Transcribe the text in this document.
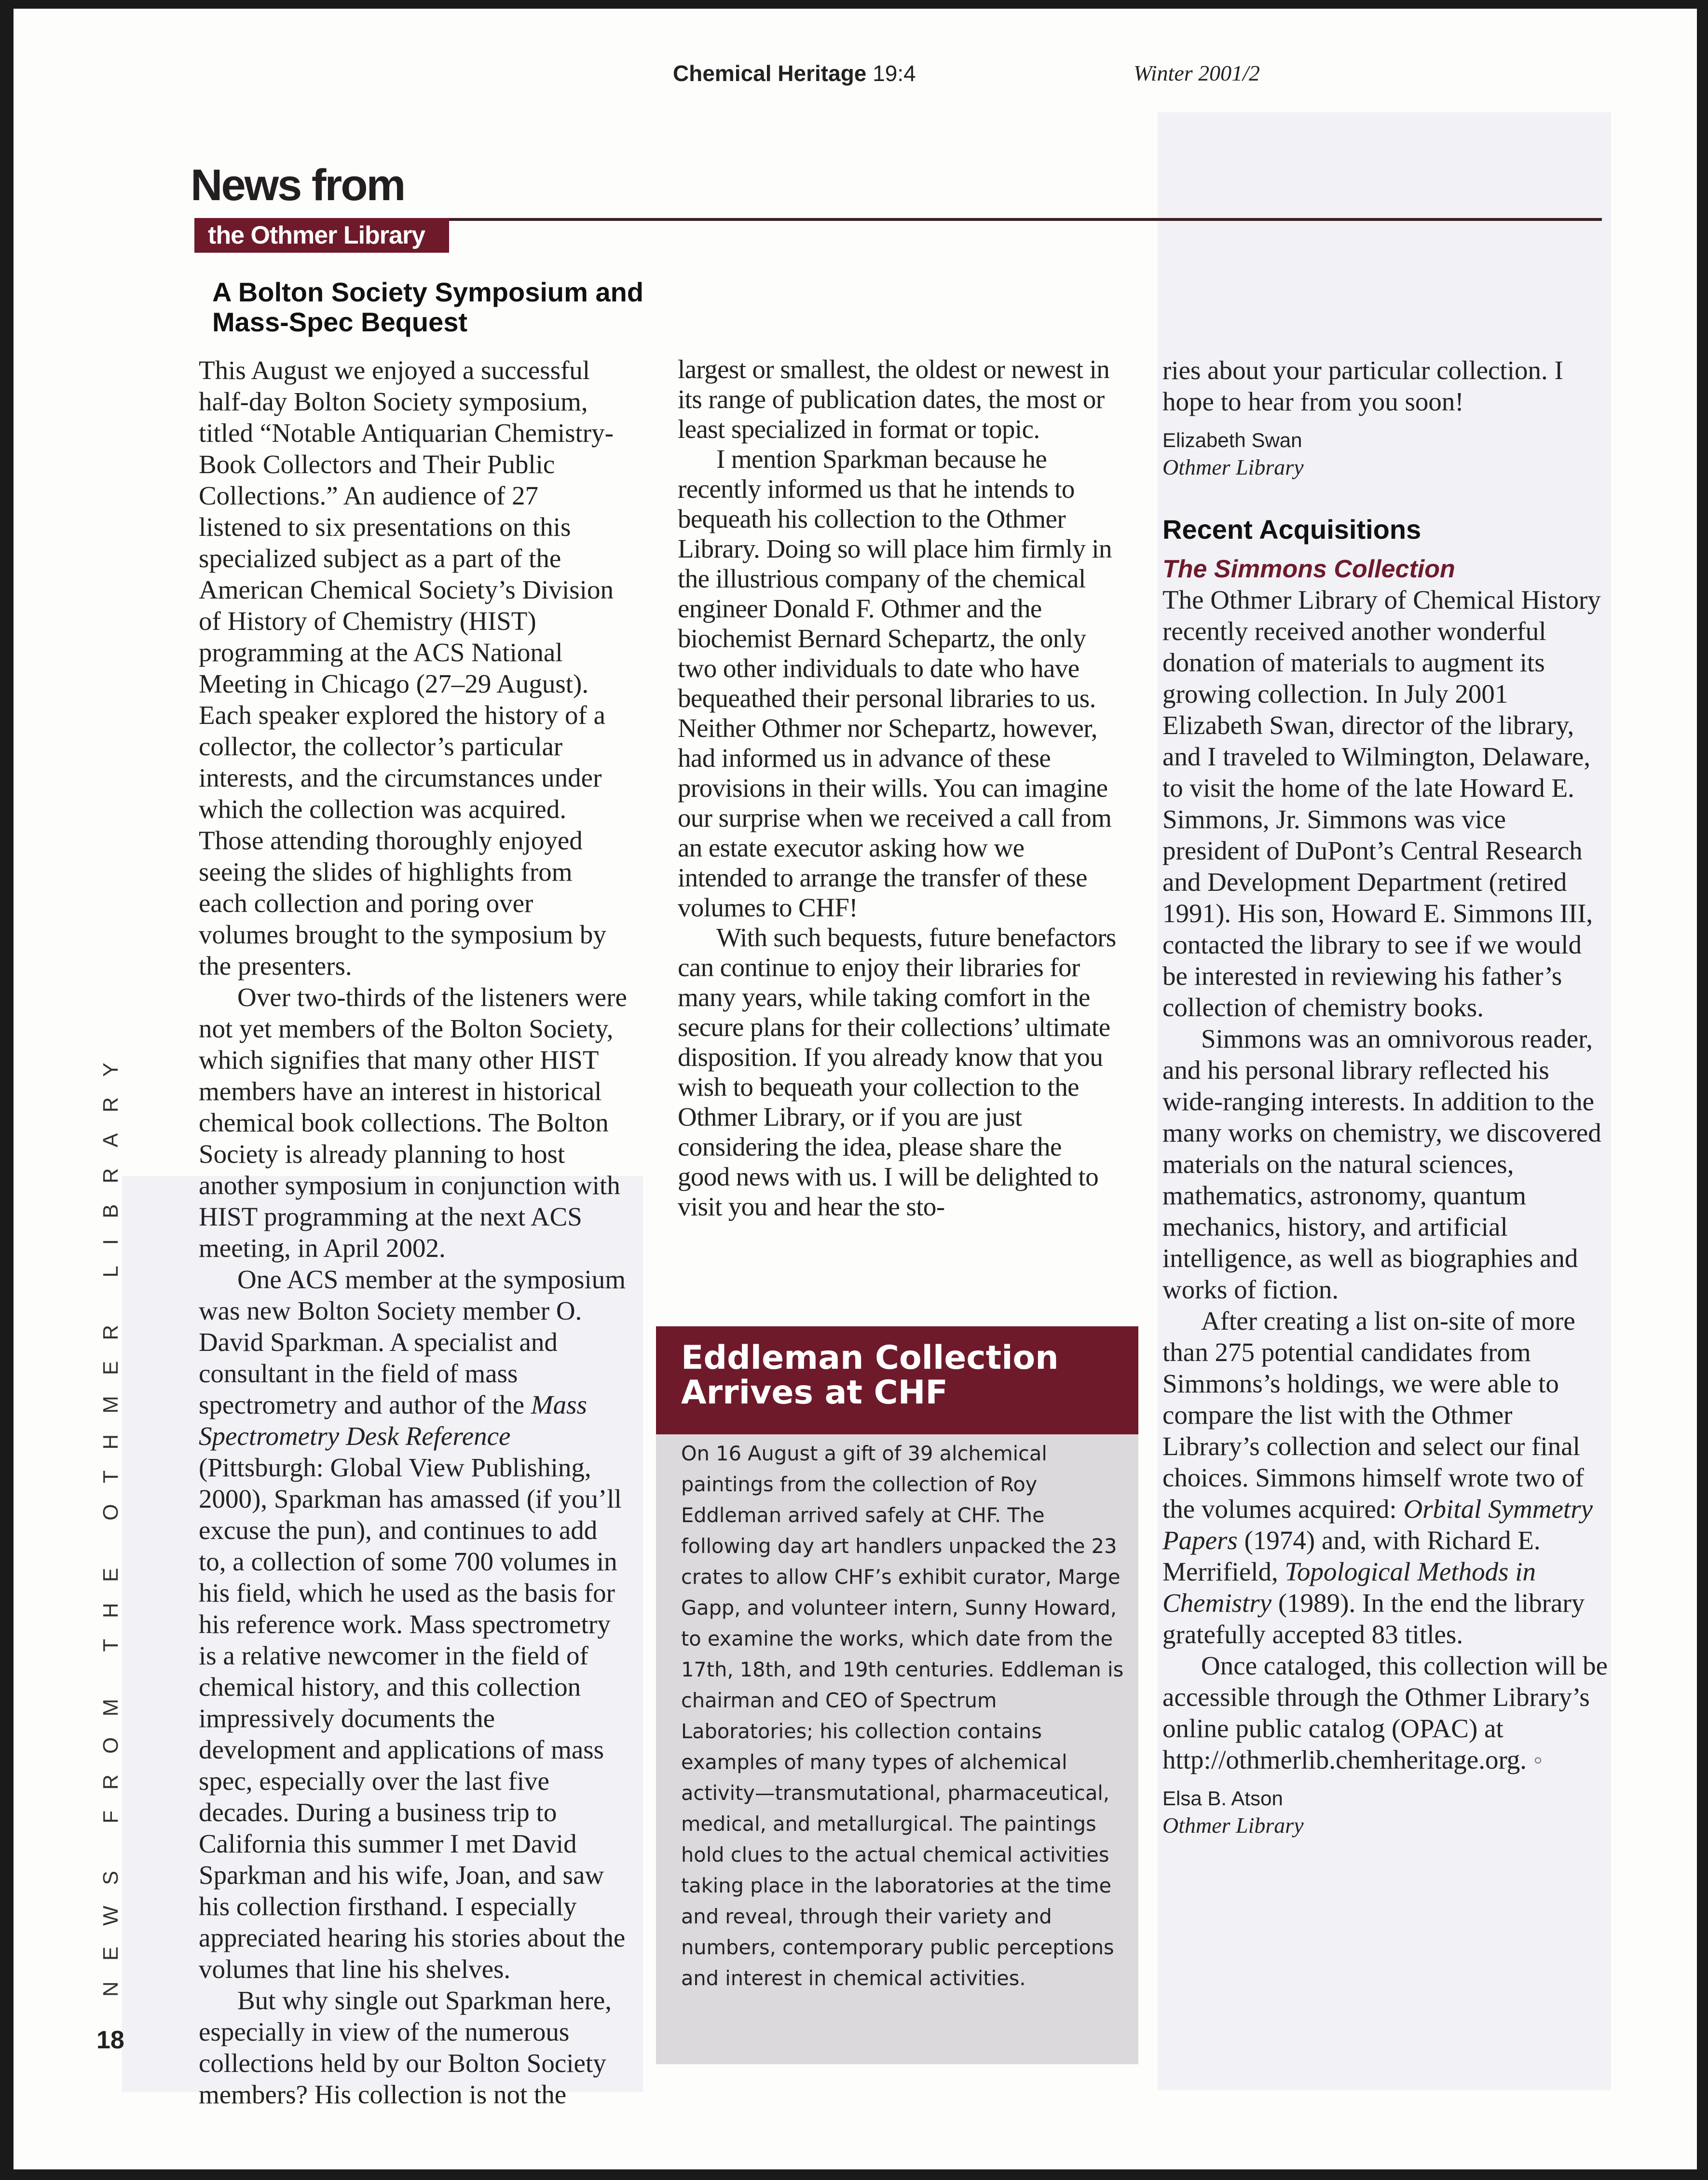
Chemical Heritage 19:4	Winter 2001/2
News from
the Othmer Library
A Bolton Society Symposium and Mass-Spec Bequest

This August we enjoyed a successful half-day Bolton Society symposium, titled “Notable Antiquarian Chemistry-Book Collectors and Their Public Collections.” An audience of 27 listened to six presentations on this specialized subject as a part of the American Chemical Society’s Division of History of Chemistry (HIST) programming at the ACS National Meeting in Chicago (27–29 August). Each speaker explored the history of a collector, the collector’s particular interests, and the circumstances under which the collection was acquired. Those attending thoroughly enjoyed seeing the slides of highlights from each collection and poring over volumes brought to the symposium by the presenters.

Over two-thirds of the listeners were not yet members of the Bolton Society, which signifies that many other HIST members have an interest in historical chemical book collections. The Bolton Society is already planning to host another symposium in conjunction with HIST programming at the next ACS meeting, in April 2002.

One ACS member at the symposium was new Bolton Society member O. David Sparkman. A specialist and consultant in the field of mass spectrometry and author of the Mass Spectrometry Desk Reference (Pittsburgh: Global View Publishing, 2000), Sparkman has amassed (if you’ll excuse the pun), and continues to add to, a collection of some 700 volumes in his field, which he used as the basis for his reference work. Mass spectrometry is a relative newcomer in the field of chemical history, and this collection impressively documents the development and applications of mass spec, especially over the last five decades. During a business trip to California this summer I met David Sparkman and his wife, Joan, and saw his collection firsthand. I especially appreciated hearing his stories about the volumes that line his shelves.

But why single out Sparkman here, especially in view of the numerous collections held by our Bolton Society members? His collection is not the

largest or smallest, the oldest or newest in its range of publication dates, the most or least specialized in format or topic.

I mention Sparkman because he recently informed us that he intends to bequeath his collection to the Othmer Library. Doing so will place him firmly in the illustrious company of the chemical engineer Donald F. Othmer and the biochemist Bernard Schepartz, the only two other individuals to date who have bequeathed their personal libraries to us. Neither Othmer nor Schepartz, however, had informed us in advance of these provisions in their wills. You can imagine our surprise when we received a call from an estate executor asking how we intended to arrange the transfer of these volumes to CHF!

With such bequests, future benefactors can continue to enjoy their libraries for many years, while taking comfort in the secure plans for their collections’ ultimate disposition. If you already know that you wish to bequeath your collection to the Othmer Library, or if you are just considering the idea, please share the good news with us. I will be delighted to visit you and hear the sto-

Eddleman Collection Arrives at CHF
On 16 August a gift of 39 alchemical paintings from the collection of Roy Eddleman arrived safely at CHF. The following day art handlers unpacked the 23 crates to allow CHF’s exhibit curator, Marge Gapp, and volunteer intern, Sunny Howard, to examine the works, which date from the 17th, 18th, and 19th centuries. Eddleman is chairman and CEO of Spectrum Laboratories; his collection contains examples of many types of alchemical activity—transmutational, pharmaceutical, medical, and metallurgical. The paintings hold clues to the actual chemical activities taking place in the laboratories at the time and reveal, through their variety and numbers, contemporary public perceptions and interest in chemical activities.

ries about your particular collection. I hope to hear from you soon!

Elizabeth Swan
Othmer Library
Recent Acquisitions
The Simmons Collection

The Othmer Library of Chemical History recently received another wonderful donation of materials to augment its growing collection. In July 2001 Elizabeth Swan, director of the library, and I traveled to Wilmington, Delaware, to visit the home of the late Howard E. Simmons, Jr. Simmons was vice president of DuPont’s Central Research and Development Department (retired 1991). His son, Howard E. Simmons III, contacted the library to see if we would be interested in reviewing his father’s collection of chemistry books.

Simmons was an omnivorous reader, and his personal library reflected his wide-ranging interests. In addition to the many works on chemistry, we discovered materials on the natural sciences, mathematics, astronomy, quantum mechanics, history, and artificial intelligence, as well as biographies and works of fiction.

After creating a list on-site of more than 275 potential candidates from Simmons’s holdings, we were able to compare the list with the Othmer Library’s collection and select our final choices. Simmons himself wrote two of the volumes acquired: Orbital Symmetry Papers (1974) and, with Richard E. Merrifield, Topological Methods in Chemistry (1989). In the end the library gratefully accepted 83 titles.

Once cataloged, this collection will be accessible through the Othmer Library’s online public catalog (OPAC) at http://othmerlib.chemheritage.org. ◦

Elsa B. Atson
Othmer Library
NEWS FROM THE OTHMER LIBRARY
18
